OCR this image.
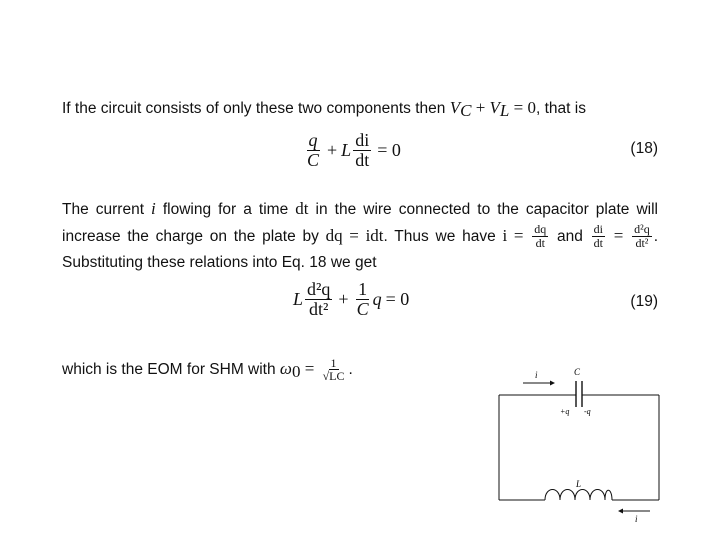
If the circuit consists of only these two components then $V_C + V_L = 0$, that is
$\frac{q}{C} + L \frac{di}{dt} = 0$	(18)
The current i flowing for a time dt in the wire connected to the capacitor plate will increase the charge on the plate by dq = idt. Thus we have $i = \frac{dq}{dt}$ and $\frac{di}{dt} = \frac{\text{d²q}}{\text{dt²}}$ . Substituting these relations into Eq. 18 we get
L $\frac{\text{d²q}}{\text{dt²}} + \frac{1}{C}$ q = 0	(19)
which is the EOM for SHM with $\omega_0 = \frac{1}{√LC}$ .	i	C
+q -q
L
i
